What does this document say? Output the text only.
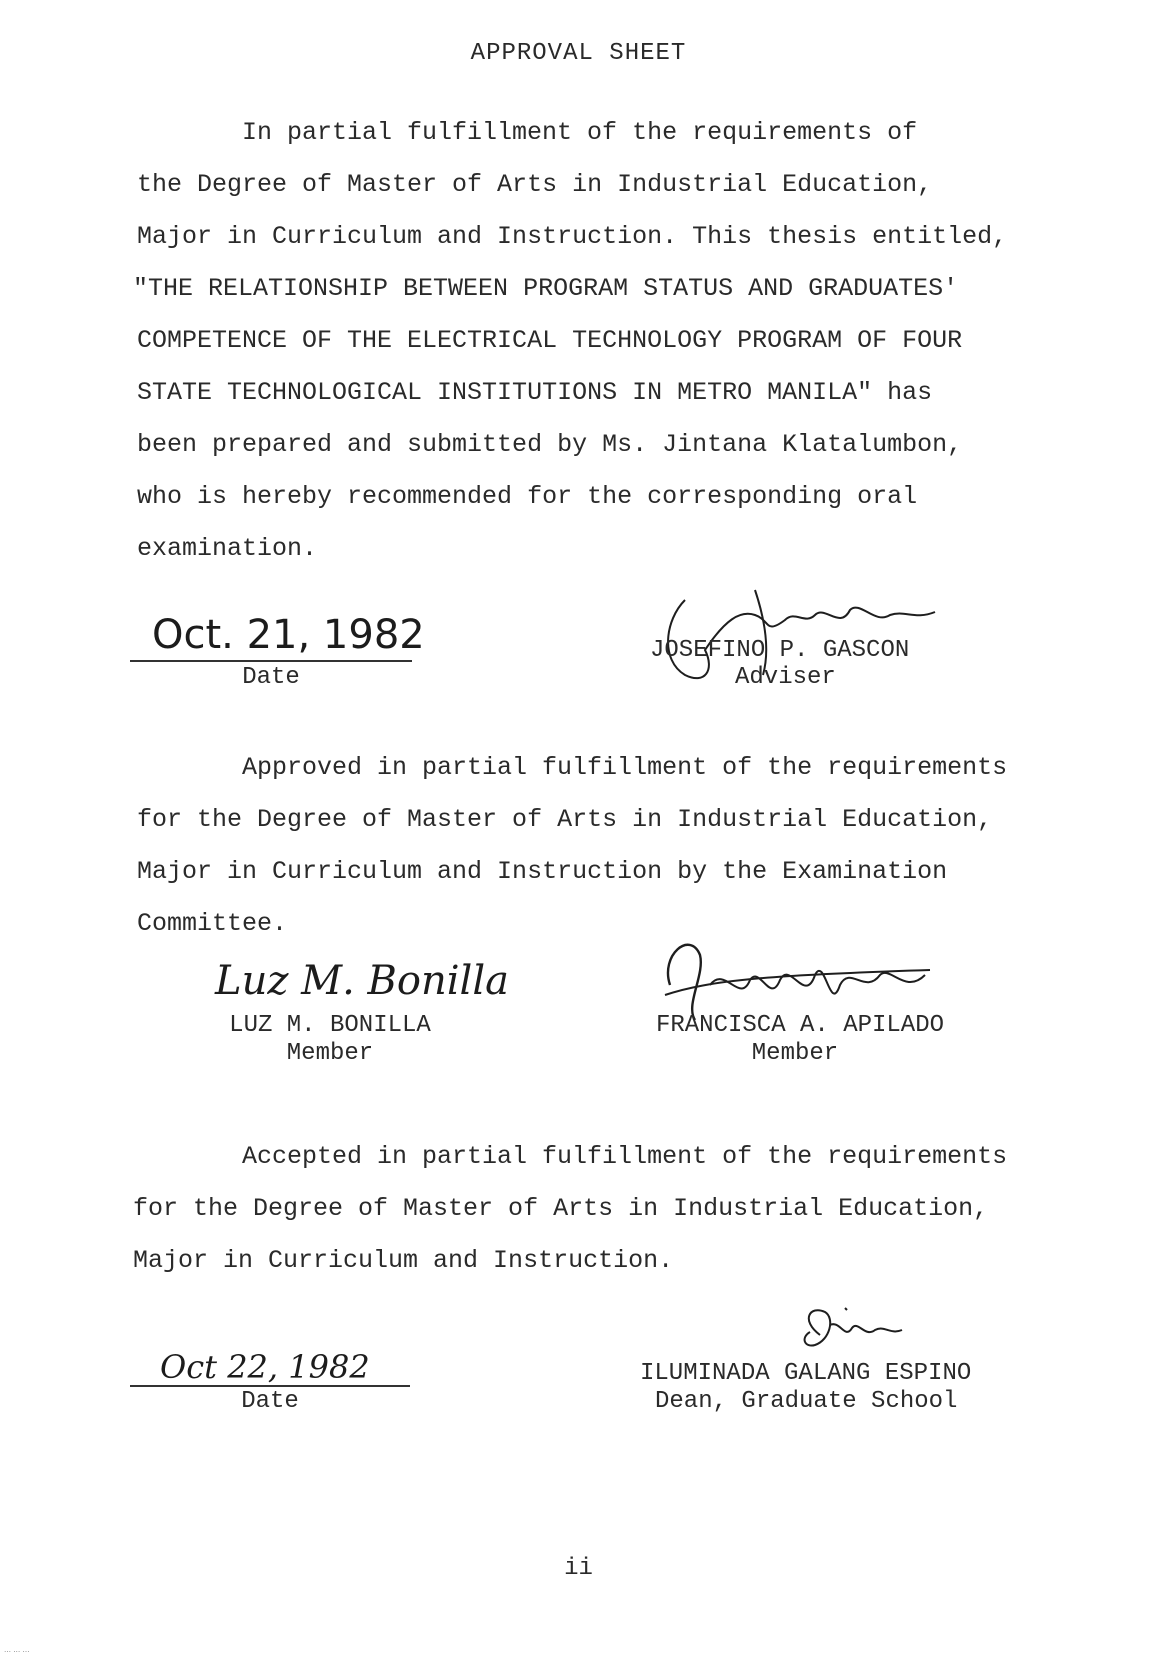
APPROVAL SHEET
In partial fulfillment of the requirements of
the Degree of Master of Arts in Industrial Education,
Major in Curriculum and Instruction. This thesis entitled,
"THE RELATIONSHIP BETWEEN PROGRAM STATUS AND GRADUATES'
COMPETENCE OF THE ELECTRICAL TECHNOLOGY PROGRAM OF FOUR
STATE TECHNOLOGICAL INSTITUTIONS IN METRO MANILA" has
been prepared and submitted by Ms. Jintana Klatalumbon,
who is hereby recommended for the corresponding oral
examination.
Oct. 21, 1982
Date
JOSEFINO P. GASCON
Adviser
Approved in partial fulfillment of the requirements
for the Degree of Master of Arts in Industrial Education,
Major in Curriculum and Instruction by the Examination
Committee.
Luz M. Bonilla
LUZ M. BONILLA
Member
FRANCISCA A. APILADO
Member
Accepted in partial fulfillment of the requirements
for the Degree of Master of Arts in Industrial Education,
Major in Curriculum and Instruction.
Oct 22, 1982
Date
ILUMINADA GALANG ESPINO
Dean, Graduate School
ii
… … …
